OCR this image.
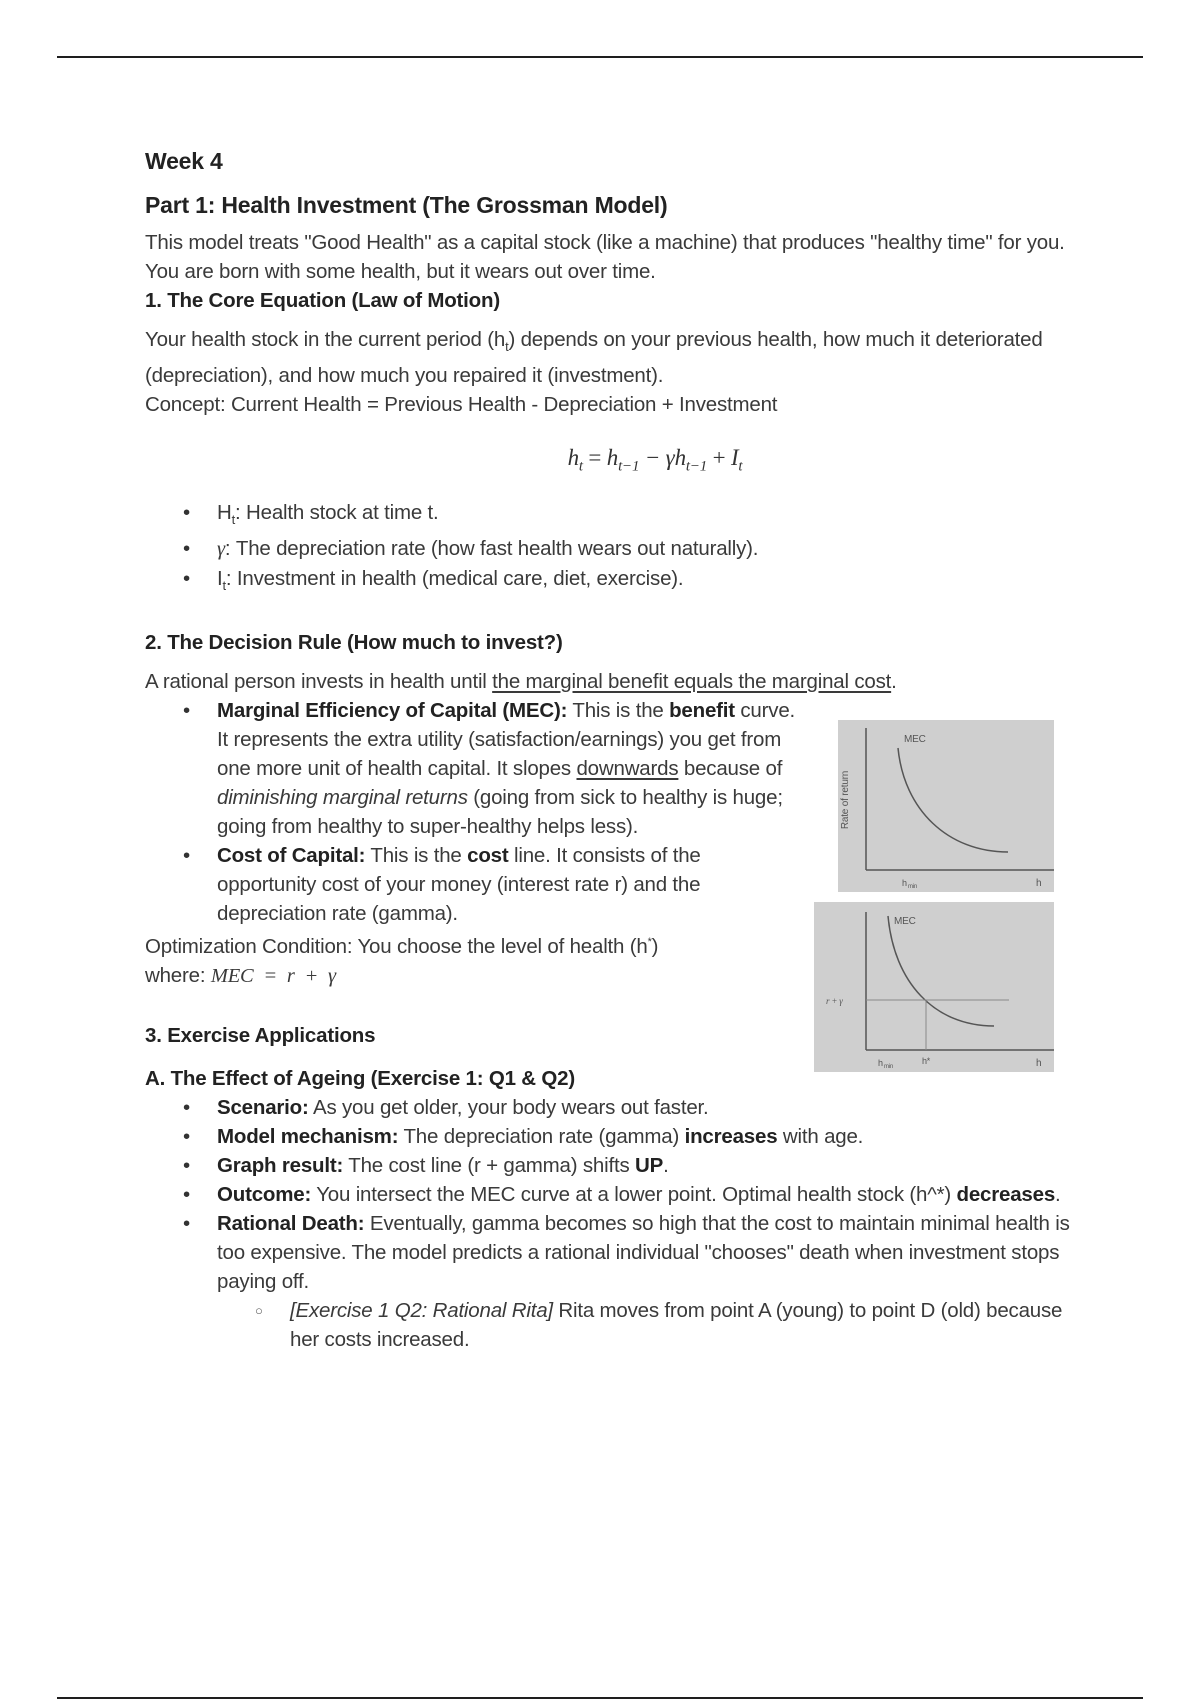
Week 4
Part 1: Health Investment (The Grossman Model)

This model treats "Good Health" as a capital stock (like a machine) that produces "healthy time" for you. You are born with some health, but it wears out over time.

1. The Core Equation (Law of Motion)

Your health stock in the current period $(h_t)$ depends on your previous health, how much it deteriorated (depreciation), and how much you repaired it (investment).

Concept: Current Health = Previous Health - Depreciation + Investment

$h_t = h_{t-1} - \gamma h_{t-1} + I_t$
• $H_t$: Health stock at time t.
• γ: The depreciation rate (how fast health wears out naturally).
• $I_t$: Investment in health (medical care, diet, exercise).
2. The Decision Rule (How much to invest?)

A rational person invests in health until the marginal benefit equals the marginal cost.

• Marginal Efficiency of Capital (MEC): This is the benefit curve. It represents the extra utility (satisfaction/earnings) you get from one more unit of health capital. It slopes downwards because of diminishing marginal returns (going from sick to healthy is huge; going from healthy to super-healthy helps less).
• Cost of Capital: This is the cost line. It consists of the opportunity cost of your money (interest rate r) and the depreciation rate (gamma).

Optimization Condition: You choose the level of health (h*)

where: MEC  =  r  +  γ

Rate of return
MEC
h min	h
MEC
r + γ
h min
h*	h
3. Exercise Applications
A. The Effect of Ageing (Exercise 1: Q1 & Q2)
• Scenario: As you get older, your body wears out faster.
• Model mechanism: The depreciation rate (gamma) increases with age.
• Graph result: The cost line (r + gamma) shifts UP.
• Outcome: You intersect the MEC curve at a lower point. Optimal health stock (h^*) decreases.
• Rational Death: Eventually, gamma becomes so high that the cost to maintain minimal health is too expensive. The model predicts a rational individual "chooses" death when investment stops paying off.
○ [Exercise 1 Q2: Rational Rita] Rita moves from point A (young) to point D (old) because her costs increased.
